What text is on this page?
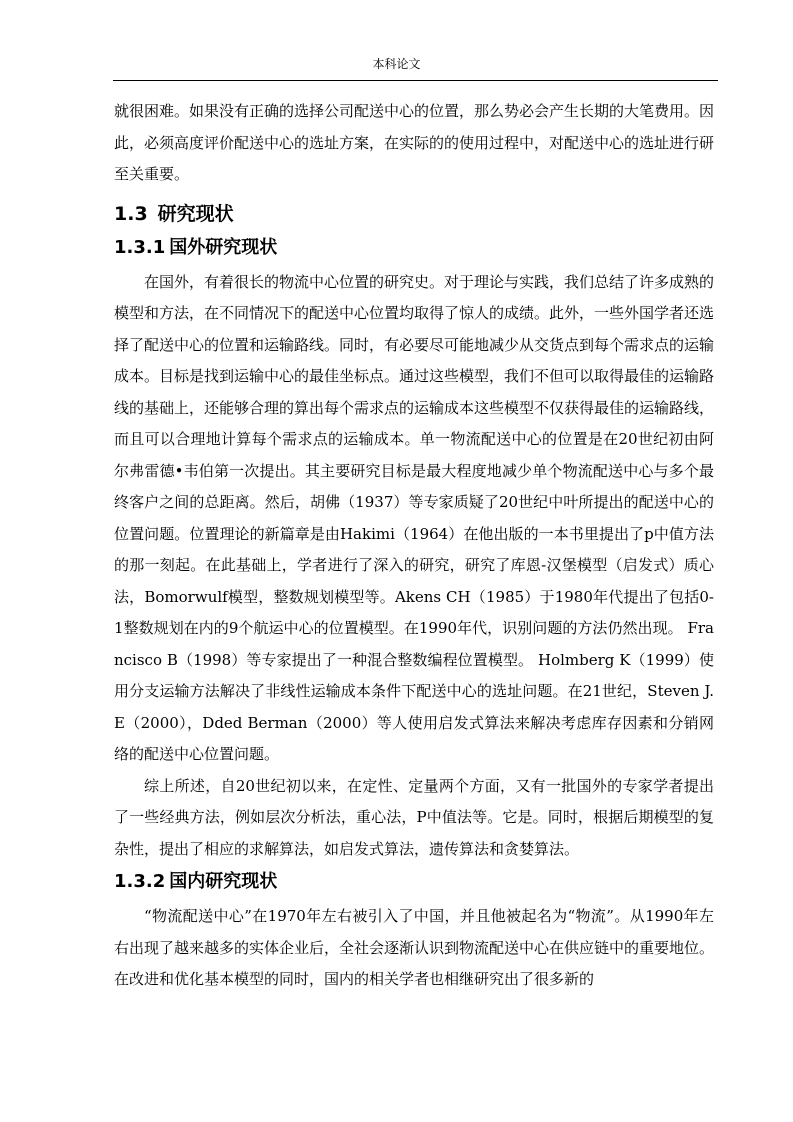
本科论文

就很困难。如果没有正确的选择公司配送中心的位置，那么势必会产生长期的大笔费用。因此，必须高度评价配送中心的选址方案，在实际的的使用过程中，对配送中心的选址进行研至关重要。

1.3 研究现状
1.3.1 国外研究现状

在国外，有着很长的物流中心位置的研究史。对于理论与实践，我们总结了许多成熟的模型和方法，在不同情况下的配送中心位置均取得了惊人的成绩。此外，一些外国学者还选择了配送中心的位置和运输路线。同时，有必要尽可能地减少从交货点到每个需求点的运输成本。目标是找到运输中心的最佳坐标点。通过这些模型，我们不但可以取得最佳的运输路线的基础上，还能够合理的算出每个需求点的运输成本这些模型不仅获得最佳的运输路线，而且可以合理地计算每个需求点的运输成本。单一物流配送中心的位置是在20世纪初由阿尔弗雷德•韦伯第一次提出。其主要研究目标是最大程度地减少单个物流配送中心与多个最终客户之间的总距离。然后，胡佛（1937）等专家质疑了20世纪中叶所提出的配送中心的位置问题。位置理论的新篇章是由Hakimi（1964）在他出版的一本书里提出了p中值方法的那一刻起。在此基础上，学者进行了深入的研究，研究了库恩-汉堡模型（启发式）质心法，Bomorwulf模型，整数规划模型等。Akens CH（1985）于1980年代提出了包括0-1整数规划在内的9个航运中心的位置模型。在1990年代，识别问题的方法仍然出现。 Francisco B（1998）等专家提出了一种混合整数编程位置模型。 Holmberg K（1999）使用分支运输方法解决了非线性运输成本条件下配送中心的选址问题。在21世纪，Steven J.E（2000），Dded Berman（2000）等人使用启发式算法来解决考虑库存因素和分销网络的配送中心位置问题。

综上所述，自20世纪初以来，在定性、定量两个方面，又有一批国外的专家学者提出了一些经典方法，例如层次分析法，重心法，P中值法等。它是。同时，根据后期模型的复杂性，提出了相应的求解算法，如启发式算法，遗传算法和贪婪算法。

1.3.2 国内研究现状

“物流配送中心”在1970年左右被引入了中国，并且他被起名为“物流”。从1990年左右出现了越来越多的实体企业后，全社会逐渐认识到物流配送中心在供应链中的重要地位。在改进和优化基本模型的同时，国内的相关学者也相继研究出了很多新的
